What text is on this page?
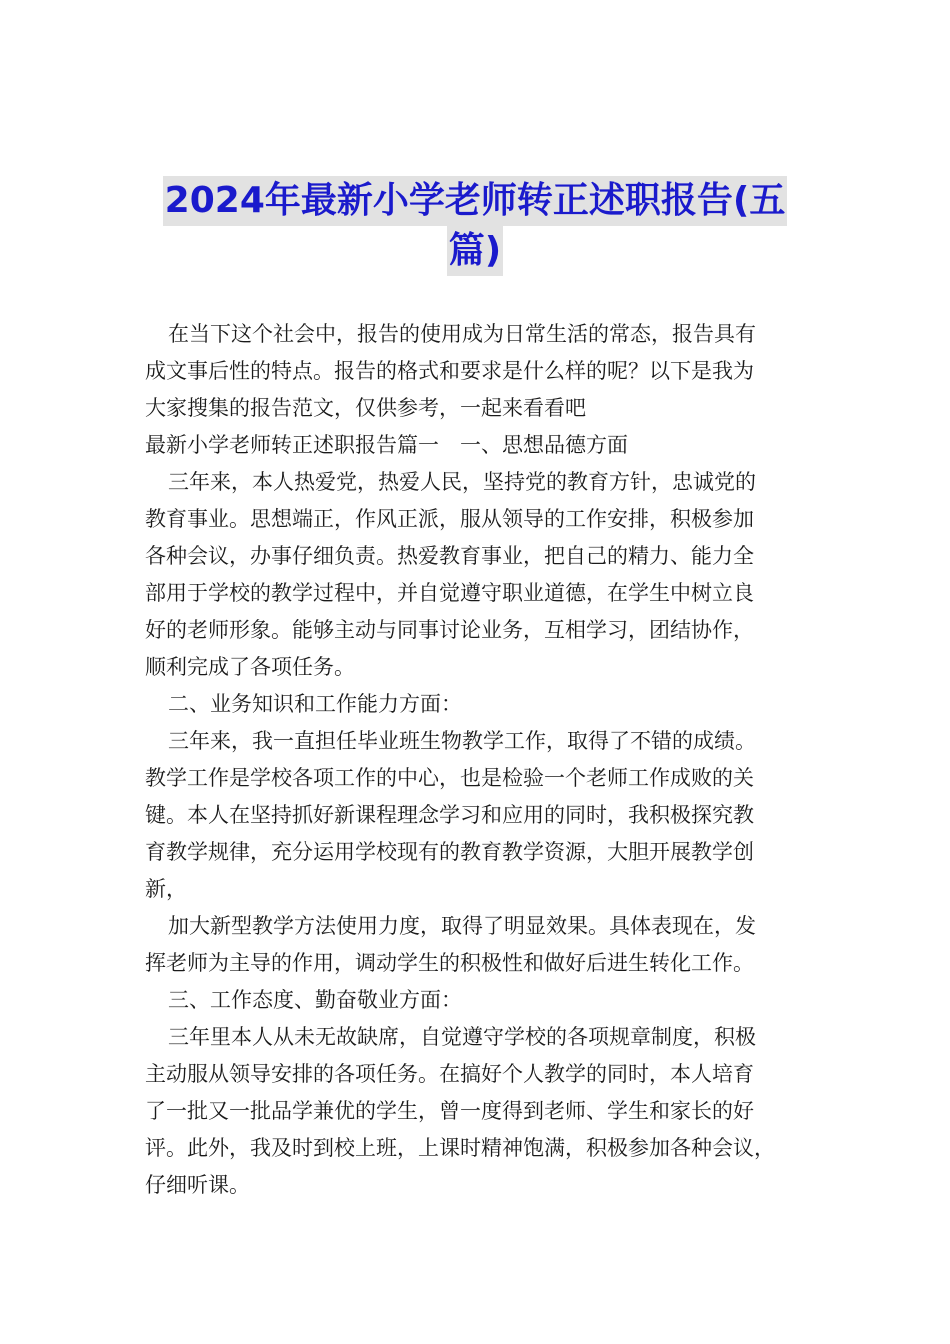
2024年最新小学老师转正述职报告(五
篇)
在当下这个社会中，报告的使用成为日常生活的常态，报告具有
成文事后性的特点。报告的格式和要求是什么样的呢？以下是我为
大家搜集的报告范文，仅供参考，一起来看看吧
最新小学老师转正述职报告篇一　一、思想品德方面
三年来，本人热爱党，热爱人民，坚持党的教育方针，忠诚党的
教育事业。思想端正，作风正派，服从领导的工作安排，积极参加
各种会议，办事仔细负责。热爱教育事业，把自己的精力、能力全
部用于学校的教学过程中，并自觉遵守职业道德，在学生中树立良
好的老师形象。能够主动与同事讨论业务，互相学习，团结协作，
顺利完成了各项任务。
二、业务知识和工作能力方面：
三年来，我一直担任毕业班生物教学工作，取得了不错的成绩。
教学工作是学校各项工作的中心，也是检验一个老师工作成败的关
键。本人在坚持抓好新课程理念学习和应用的同时，我积极探究教
育教学规律，充分运用学校现有的教育教学资源，大胆开展教学创
新，
加大新型教学方法使用力度，取得了明显效果。具体表现在，发
挥老师为主导的作用，调动学生的积极性和做好后进生转化工作。
三、工作态度、勤奋敬业方面：
三年里本人从未无故缺席，自觉遵守学校的各项规章制度，积极
主动服从领导安排的各项任务。在搞好个人教学的同时，本人培育
了一批又一批品学兼优的学生，曾一度得到老师、学生和家长的好
评。此外，我及时到校上班，上课时精神饱满，积极参加各种会议，
仔细听课。
